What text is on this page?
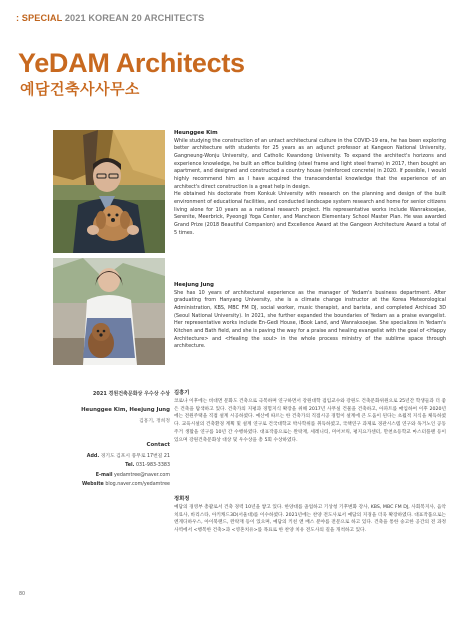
: SPECIAL 2021 KOREAN 20 ARCHITECTS
YeDAM Architects
예담건축사사무소
2021 경원건축문화상 우수상 수상
Heunggee Kim, Heejung Jung
김흥기, 정희정
Contact
Add. 경기도 김포시 풍무로 17번길 21
Tel. 031-983-3383
E-mail yedamtree@naver.com
Website blog.naver.com/yedamtree

Heunggee Kim

While studying the construction of an untact architectural culture in the COVID-19 era, he has been exploring better architecture with students for 25 years as an adjunct professor at Kangeon National University, Gangneung-Wonju University, and Catholic Kwandong University. To expand the architect's horizons and experience knowledge, he built an office building (steel frame and light steel frame) in 2017, then bought an apartment, and designed and constructed a country house (reinforced concrete) in 2020. If possible, I would highly recommend him as I have acquired the transcendental knowledge that the experience of an architect's direct construction is a great help in design.

He obtained his doctorate from Konkuk University with research on the planning and design of the built environment of educational facilities, and conducted landscape system research and home for senior citizens living alone for 10 years as a national research project. His representative works include Wanraksoejae, Serenite, Meerbrick, Pyeongji Yoga Center, and Mancheon Elementary School Master Plan. He was awarded Grand Prize (2018 Beautiful Companion) and Excellence Award at the Gangeon Architecture Award a total of 5 times.

Heejung Jung

She has 10 years of architectural experience as the manager of Yedam's business department. After graduating from Hanyang University, she is a climate change instructor at the Korea Meteorological Administration, KBS, MBC FM DJ, social worker, music therapist, and barista, and completed Archicad 3D (Seoul National University). In 2021, she further expanded the boundaries of Yedam as a praise evangelist. Her representative works include En-Gedi House, iBook Land, and Wanraksoejae. She specializes in Yedam's Kitchen and Bath field, and she is paving the way for a praise and healing evangelist with the goal of <Happy Architecture> and <Healing the soul> in the whole process ministry of the sublime space through architecture.

김흥기

코로나 이후에는 비대면 문화도 건축으로 극복하며 연구하면서 강원대학 겸임교수와 강원도 건축문화위원으로 25년간 학생들과 더 좋은 건축을 탐색하고 있다. 건축가의 지평과 경험지식 확장을 위해 2017년 사무실 건물을 건축하고, 아파트를 매입하여 이후 2020년에는 전원주택을 직접 설계 시공하였다. 예산에 따르는 한 건축가의 직접시공 경험이 설계에 큰 도움이 된다는 초월적 지식을 체득하였다. 교육시설의 건축환경 계획 및 설계 연구로 건국대학교 박사학위를 취득하였고, 국책연구 과제로 경관시스템 연구와 독거노인 공동주거 생활을 연구를 10년 간 수행하였다. 대표작품으로는 완락재, 세레니티, 미어브릭, 평지요가센터, 만천초등학교 마스터플랜 등이 있으며 강원건축문화상 대상 및 우수상을 총 5회 수상하였다.

정희정

예담의 경영부 총괄로서 건축 경력 10년을 쌓고 있다. 한양대를 졸업하고 기상청 기후변화 강사, KBS, MBC FM DJ, 사회복지사, 음악치료사, 바리스타, 아키캐드3D(서울대)를 이수하였다. 2021년에는 찬양 전도사로서 예담의 지경을 더욱 확장하였다. 대표작품으로는 엔게디하우스, 아이북랜드, 완락재 등이 있으며, 예담의 키친 앤 배스 분야를 전문으로 하고 있다. 건축을 통한 숭고한 공간의 전 과정 사역에서 <행복한 건축>과 <영혼치유>를 목표로 한 찬양 치유 전도사의 길을 개척하고 있다.

80
